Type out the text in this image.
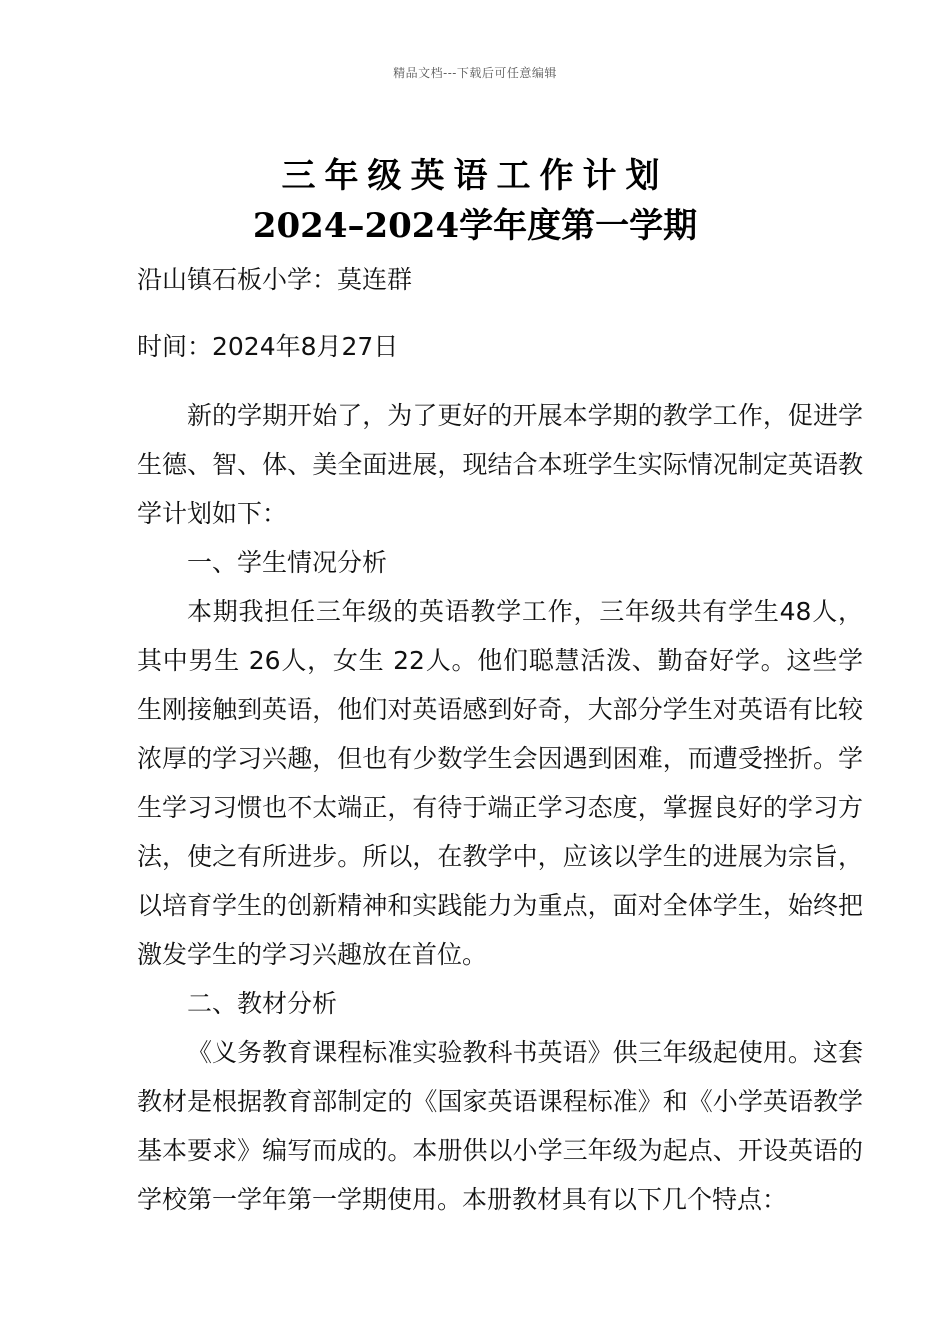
精品文档---下载后可任意编辑
三年级英语工作计划
2024–2024学年度第一学期

沿山镇石板小学：莫连群

时间：2024年8月27日

新的学期开始了，为了更好的开展本学期的教学工作，促进学生德、智、体、美全面进展，现结合本班学生实际情况制定英语教学计划如下：

一、学生情况分析

本期我担任三年级的英语教学工作，三年级共有学生48人，其中男生 26人，女生 22人。他们聪慧活泼、勤奋好学。这些学生刚接触到英语，他们对英语感到好奇，大部分学生对英语有比较浓厚的学习兴趣，但也有少数学生会因遇到困难，而遭受挫折。学生学习习惯也不太端正，有待于端正学习态度，掌握良好的学习方法，使之有所进步。所以，在教学中，应该以学生的进展为宗旨，以培育学生的创新精神和实践能力为重点，面对全体学生，始终把激发学生的学习兴趣放在首位。

二、教材分析

《义务教育课程标准实验教科书英语》供三年级起使用。这套教材是根据教育部制定的《国家英语课程标准》和《小学英语教学基本要求》编写而成的。本册供以小学三年级为起点、开设英语的学校第一学年第一学期使用。本册教材具有以下几个特点：
